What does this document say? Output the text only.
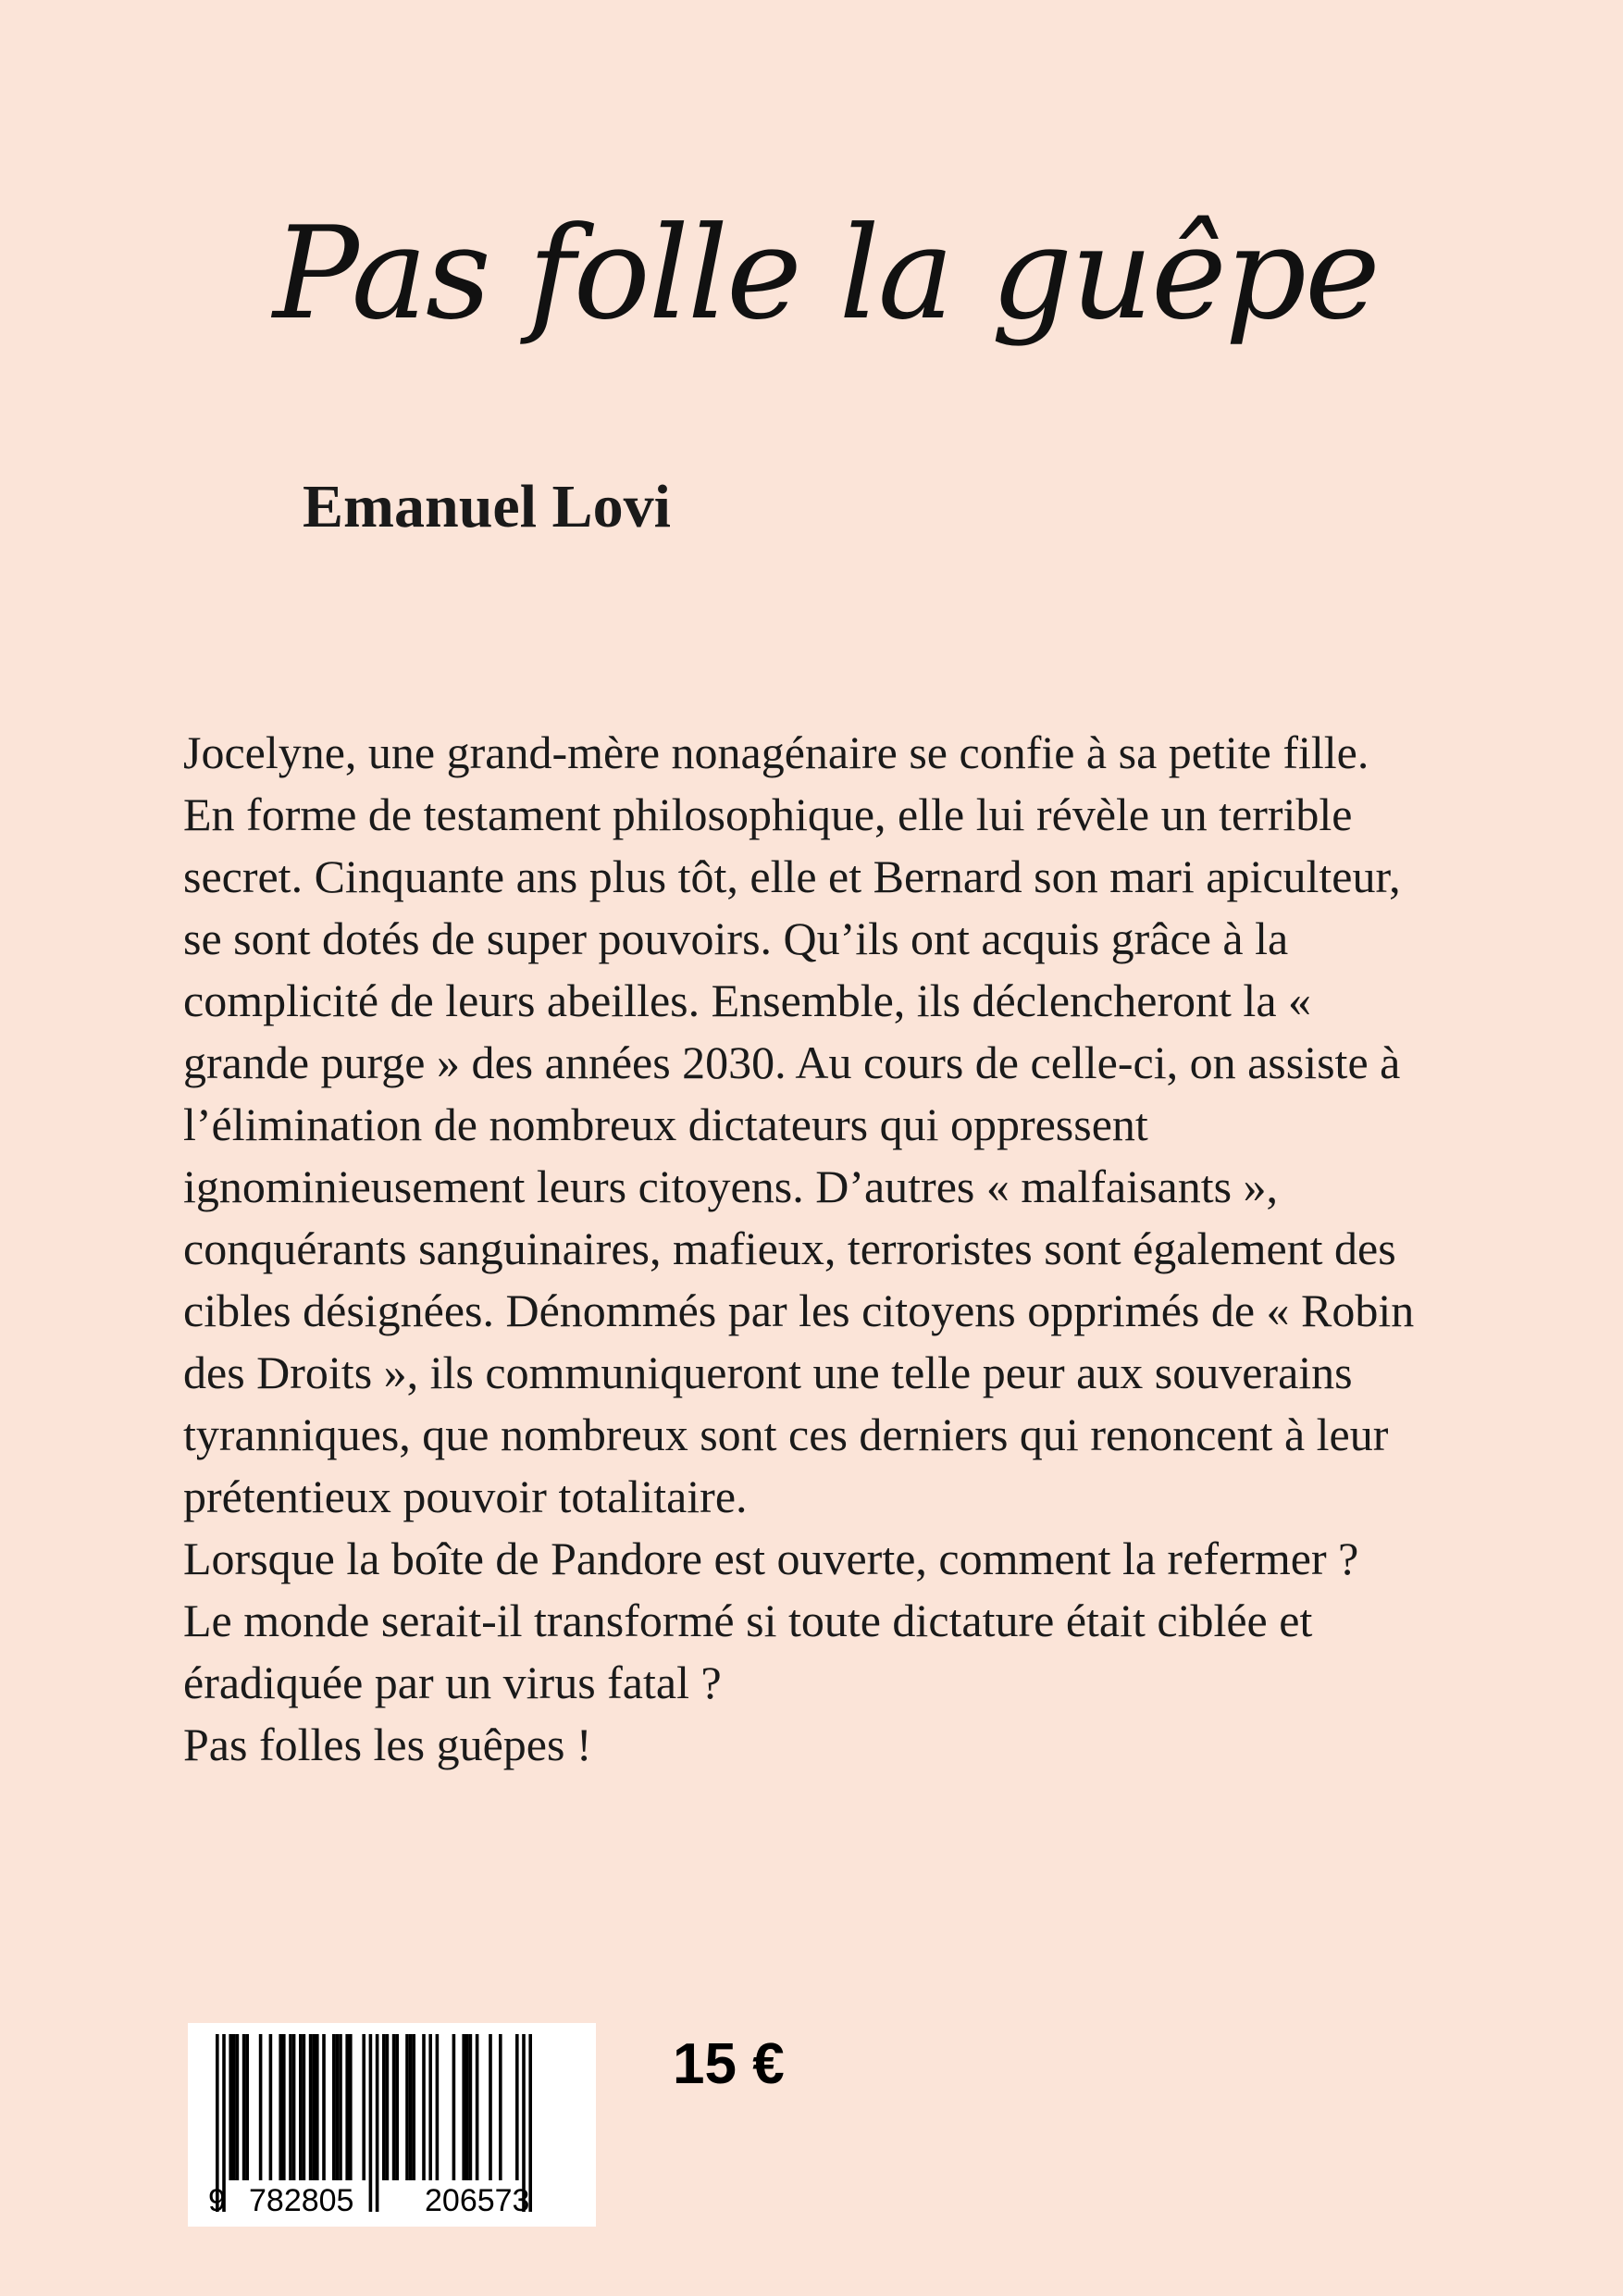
Pas folle la guêpe
Emanuel Lovi

Jocelyne, une grand-mère nonagénaire se confie à sa petite fille.

En forme de testament philosophique, elle lui révèle un terrible secret. Cinquante ans plus tôt, elle et Bernard son mari apiculteur, se sont dotés de super pouvoirs. Qu’ils ont acquis grâce à la complicité de leurs abeilles. Ensemble, ils déclencheront la « grande purge » des années 2030. Au cours de celle-ci, on assiste à l’élimination de nombreux dictateurs qui oppressent ignominieusement leurs citoyens. D’autres « malfaisants », conquérants sanguinaires, mafieux, terroristes sont également des cibles désignées. Dénommés par les citoyens opprimés de « Robin des Droits », ils communiqueront une telle peur aux souverains tyranniques, que nombreux sont ces derniers qui renoncent à leur prétentieux pouvoir totalitaire.

Lorsque la boîte de Pandore est ouverte, comment la refermer ?

Le monde serait-il transformé si toute dictature était ciblée et éradiquée par un virus fatal ?

Pas folles les guêpes !

9 782805 206573
15 €
